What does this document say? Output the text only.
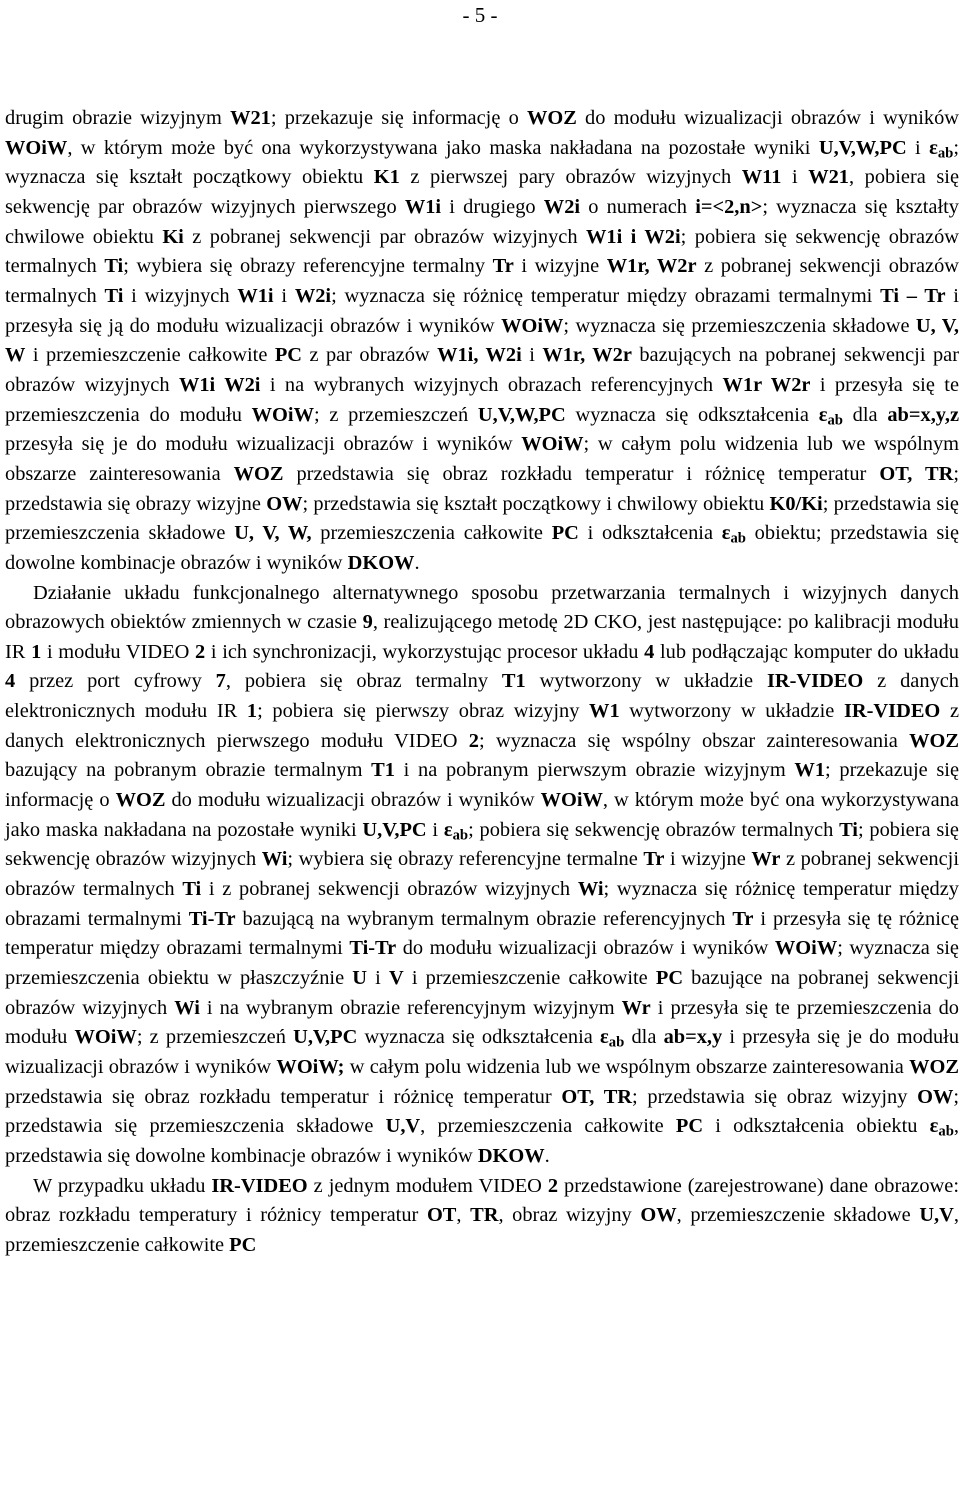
- 5 -

drugim obrazie wizyjnym W21; przekazuje się informację o WOZ do modułu wizualizacji obrazów i wyników WOiW, w którym może być ona wykorzystywana jako maska nakładana na pozostałe wyniki U,V,W,PC i $\varepsilon_{ab}$; wyznacza się kształt początkowy obiektu K1 z pierwszej pary obrazów wizyjnych W11 i W21, pobiera się sekwencję par obrazów wizyjnych pierwszego W1i i drugiego W2i o numerach i=<2,n>; wyznacza się kształty chwilowe obiektu Ki z pobranej sekwencji par obrazów wizyjnych W1i i W2i; pobiera się sekwencję obrazów termalnych Ti; wybiera się obrazy referencyjne termalny Tr i wizyjne W1r, W2r z pobranej sekwencji obrazów termalnych Ti i wizyjnych W1i i W2i; wyznacza się różnicę temperatur między obrazami termalnymi Ti – Tr i przesyła się ją do modułu wizualizacji obrazów i wyników WOiW; wyznacza się przemieszczenia składowe U, V, W i przemieszczenie całkowite PC z par obrazów W1i, W2i i W1r, W2r bazujących na pobranej sekwencji par obrazów wizyjnych W1i W2i i na wybranych wizyjnych obrazach referencyjnych W1r W2r i przesyła się te przemieszczenia do modułu WOiW; z przemieszczeń U,V,W,PC wyznacza się odkształcenia $\varepsilon_{ab}$ dla ab=x,y,z przesyła się je do modułu wizualizacji obrazów i wyników WOiW; w całym polu widzenia lub we wspólnym obszarze zainteresowania WOZ przedstawia się obraz rozkładu temperatur i różnicę temperatur OT, TR; przedstawia się obrazy wizyjne OW; przedstawia się kształt początkowy i chwilowy obiektu K0/Ki; przedstawia się przemieszczenia składowe U, V, W, przemieszczenia całkowite PC i odkształcenia $\varepsilon_{ab}$ obiektu; przedstawia się dowolne kombinacje obrazów i wyników DKOW.

Działanie układu funkcjonalnego alternatywnego sposobu przetwarzania termalnych i wizyjnych danych obrazowych obiektów zmiennych w czasie 9, realizującego metodę 2D CKO, jest następujące: po kalibracji modułu IR 1 i modułu VIDEO 2 i ich synchronizacji, wykorzystując procesor układu 4 lub podłączając komputer do układu 4 przez port cyfrowy 7, pobiera się obraz termalny T1 wytworzony w układzie IR-VIDEO z danych elektronicznych modułu IR 1; pobiera się pierwszy obraz wizyjny W1 wytworzony w układzie IR-VIDEO z danych elektronicznych pierwszego modułu VIDEO 2; wyznacza się wspólny obszar zainteresowania WOZ bazujący na pobranym obrazie termalnym T1 i na pobranym pierwszym obrazie wizyjnym W1; przekazuje się informację o WOZ do modułu wizualizacji obrazów i wyników WOiW, w którym może być ona wykorzystywana jako maska nakładana na pozostałe wyniki U,V,PC i $\varepsilon_{ab}$; pobiera się sekwencję obrazów termalnych Ti; pobiera się sekwencję obrazów wizyjnych Wi; wybiera się obrazy referencyjne termalne Tr i wizyjne Wr z pobranej sekwencji obrazów termalnych Ti i z pobranej sekwencji obrazów wizyjnych Wi; wyznacza się różnicę temperatur między obrazami termalnymi Ti-Tr bazującą na wybranym termalnym obrazie referencyjnych Tr i przesyła się tę różnicę temperatur między obrazami termalnymi Ti-Tr do modułu wizualizacji obrazów i wyników WOiW; wyznacza się przemieszczenia obiektu w płaszczyźnie U i V i przemieszczenie całkowite PC bazujące na pobranej sekwencji obrazów wizyjnych Wi i na wybranym obrazie referencyjnym wizyjnym Wr i przesyła się te przemieszczenia do modułu WOiW; z przemieszczeń U,V,PC wyznacza się odkształcenia $\varepsilon_{ab}$ dla ab=x,y i przesyła się je do modułu wizualizacji obrazów i wyników WOiW; w całym polu widzenia lub we wspólnym obszarze zainteresowania WOZ przedstawia się obraz rozkładu temperatur i różnicę temperatur OT, TR; przedstawia się obraz wizyjny OW; przedstawia się przemieszczenia składowe U,V, przemieszczenia całkowite PC i odkształcenia obiektu $\varepsilon_{ab}$, przedstawia się dowolne kombinacje obrazów i wyników DKOW.

W przypadku układu IR-VIDEO z jednym modułem VIDEO 2 przedstawione (zarejestrowane) dane obrazowe: obraz rozkładu temperatury i różnicy temperatur OT, TR, obraz wizyjny OW, przemieszczenie składowe U,V, przemieszczenie całkowite PC
